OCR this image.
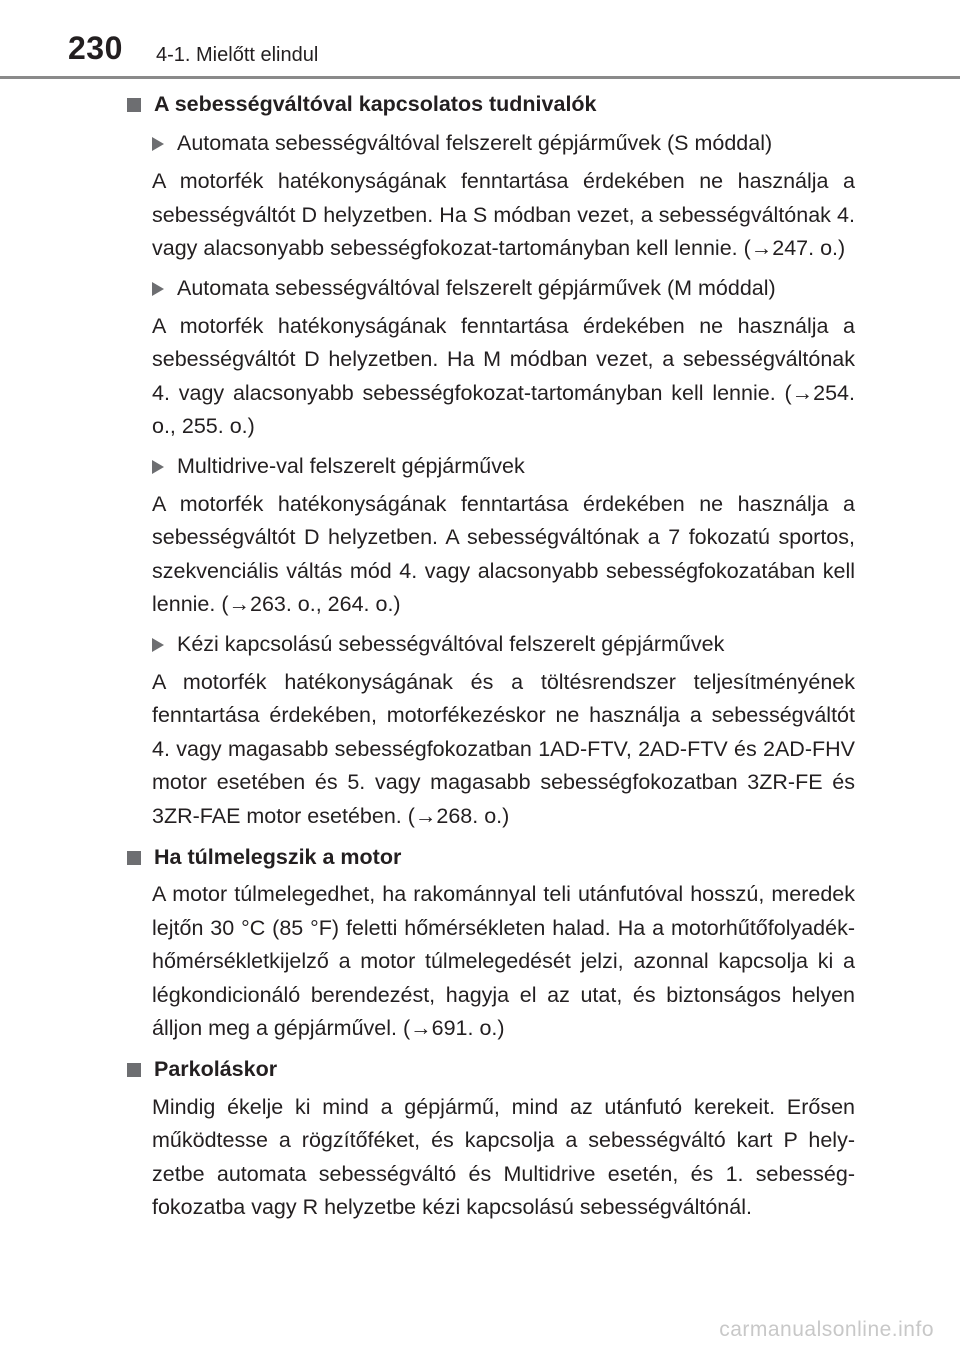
230 4-1. Mielőtt elindul
A sebességváltóval kapcsolatos tudnivalók
Automata sebességváltóval felszerelt gépjárművek (S móddal)
A motorfék hatékonyságának fenntartása érdekében ne használja a sebességváltót D helyzetben. Ha S módban vezet, a sebességváltónak 4. vagy alacsonyabb sebességfokozat-tartományban kell lennie. (→247. o.)
Automata sebességváltóval felszerelt gépjárművek (M móddal)
A motorfék hatékonyságának fenntartása érdekében ne használja a sebességváltót D helyzetben. Ha M módban vezet, a sebességváltónak 4. vagy alacsonyabb sebességfokozat-tartományban kell lennie. (→254. o., 255. o.)
Multidrive-val felszerelt gépjárművek
A motorfék hatékonyságának fenntartása érdekében ne használja a sebességváltót D helyzetben. A sebességváltónak a 7 fokozatú sportos, szekvenciális váltás mód 4. vagy alacsonyabb sebességfokozatában kell lennie. (→263. o., 264. o.)
Kézi kapcsolású sebességváltóval felszerelt gépjárművek
A motorfék hatékonyságának és a töltésrendszer teljesítményének fenntartása érdekében, motorfékezéskor ne használja a sebességváltót 4. vagy magasabb sebességfokozatban 1AD-FTV, 2AD-FTV és 2AD-FHV motor esetében és 5. vagy magasabb sebességfokozatban 3ZR-FE és 3ZR-FAE motor esetében. (→268. o.)
Ha túlmelegszik a motor
A motor túlmelegedhet, ha rakománnyal teli utánfutóval hosszú, meredek lejtőn 30 °C (85 °F) feletti hőmérsékleten halad. Ha a motorhűtőfolyadék-hőmérsékletkijelző a motor túlmelegedését jelzi, azonnal kapcsolja ki a légkondicionáló berendezést, hagyja el az utat, és biztonságos helyen álljon meg a gépjárművel. (→691. o.)
Parkoláskor
Mindig ékelje ki mind a gépjármű, mind az utánfutó kerekeit. Erősen működtesse a rögzítőféket, és kapcsolja a sebességváltó kart P helyzetbe automata sebességváltó és Multidrive esetén, és 1. sebességfokozatba vagy R helyzetbe kézi kapcsolású sebességváltónál.
carmanualsonline.info
